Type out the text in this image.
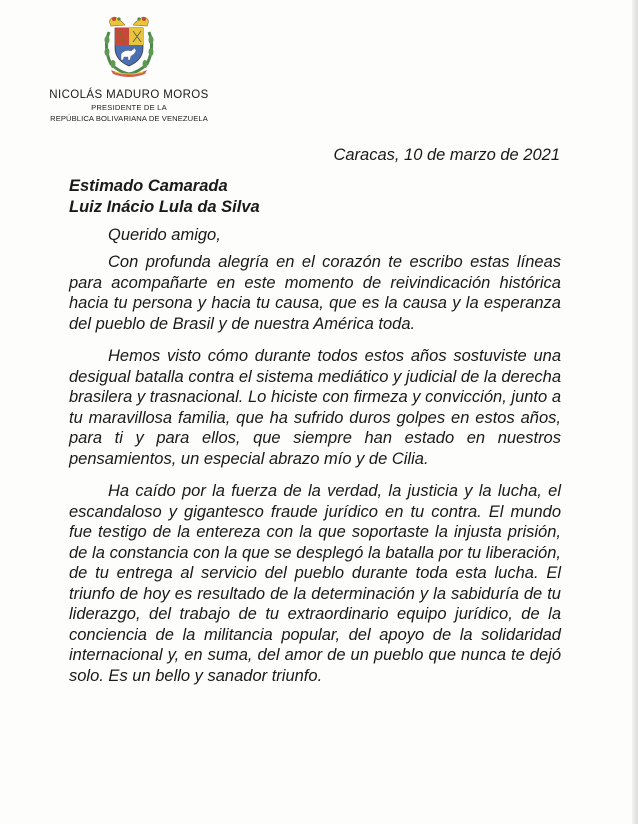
NICOLÁS MADURO MOROS
PRESIDENTE DE LA
REPÚBLICA BOLIVARIANA DE VENEZUELA
Caracas, 10 de marzo de 2021
Estimado Camarada
Luiz Inácio Lula da Silva
Querido amigo,

Con profunda alegría en el corazón te escribo estas líneas para acompañarte en este momento de reivindicación histórica hacia tu persona y hacia tu causa, que es la causa y la esperanza del pueblo de Brasil y de nuestra América toda.

Hemos visto cómo durante todos estos años sostuviste una desigual batalla contra el sistema mediático y judicial de la derecha brasilera y trasnacional. Lo hiciste con firmeza y convicción, junto a tu maravillosa familia, que ha sufrido duros golpes en estos años, para ti y para ellos, que siempre han estado en nuestros pensamientos, un especial abrazo mío y de Cilia.

Ha caído por la fuerza de la verdad, la justicia y la lucha, el escandaloso y gigantesco fraude jurídico en tu contra. El mundo fue testigo de la entereza con la que soportaste la injusta prisión, de la constancia con la que se desplegó la batalla por tu liberación, de tu entrega al servicio del pueblo durante toda esta lucha. El triunfo de hoy es resultado de la determinación y la sabiduría de tu liderazgo, del trabajo de tu extraordinario equipo jurídico, de la conciencia de la militancia popular, del apoyo de la solidaridad internacional y, en suma, del amor de un pueblo que nunca te dejó solo. Es un bello y sanador triunfo.
